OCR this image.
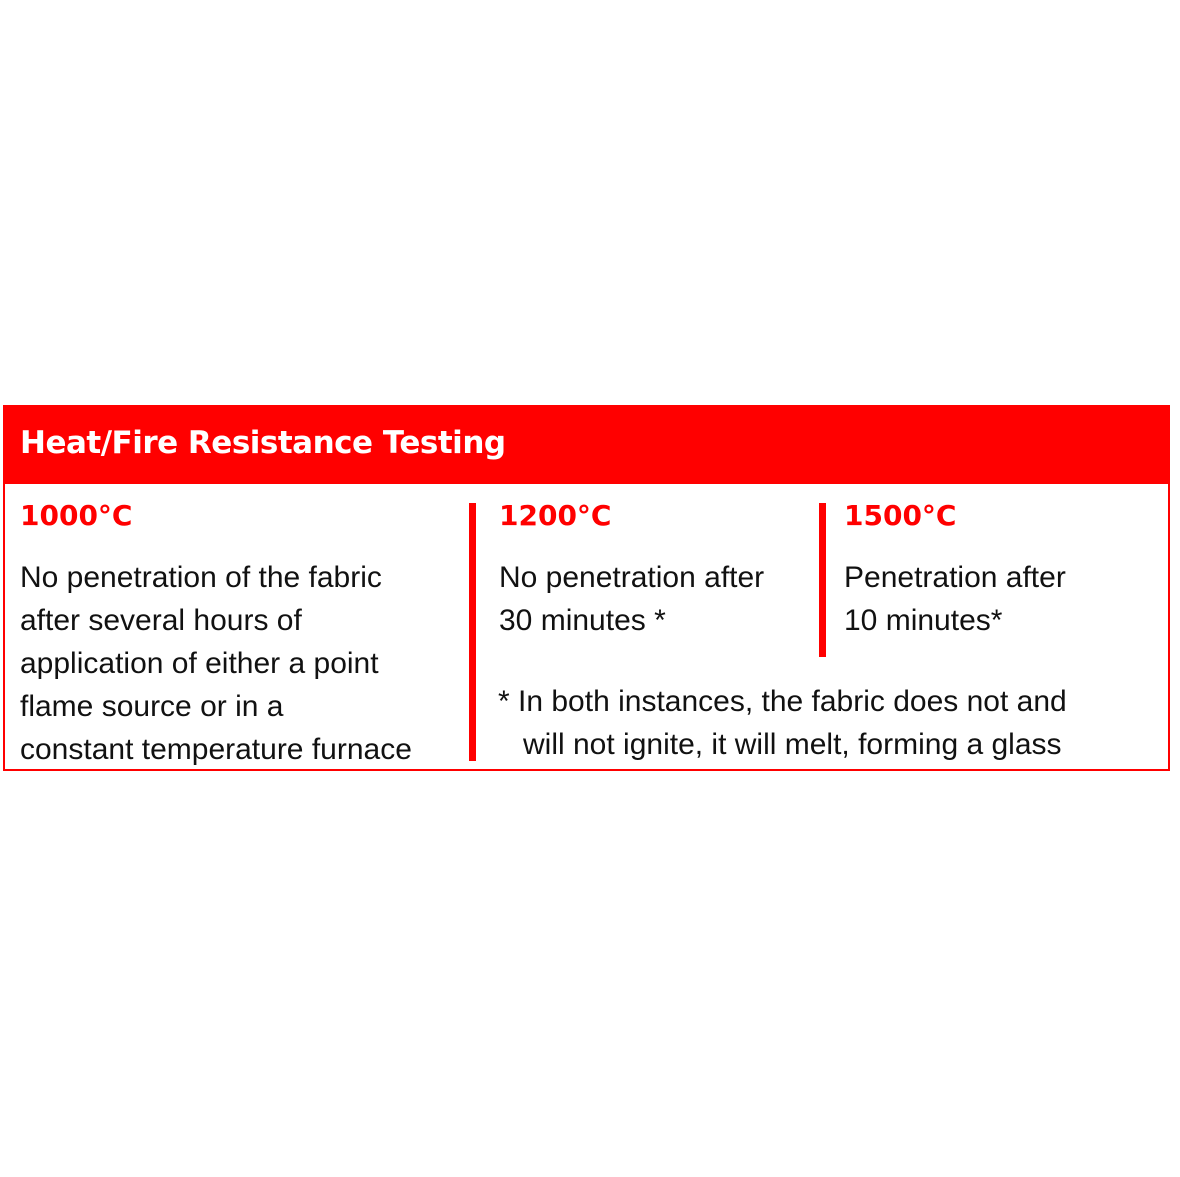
Heat/Fire Resistance Testing
1000°C
No penetration of the fabric
after several hours of
application of either a point
flame source or in a
constant temperature furnace
1200°C
No penetration after
30 minutes *
1500°C
Penetration after
10 minutes*
* In both instances, the fabric does not and
will not ignite, it will melt, forming a glass
